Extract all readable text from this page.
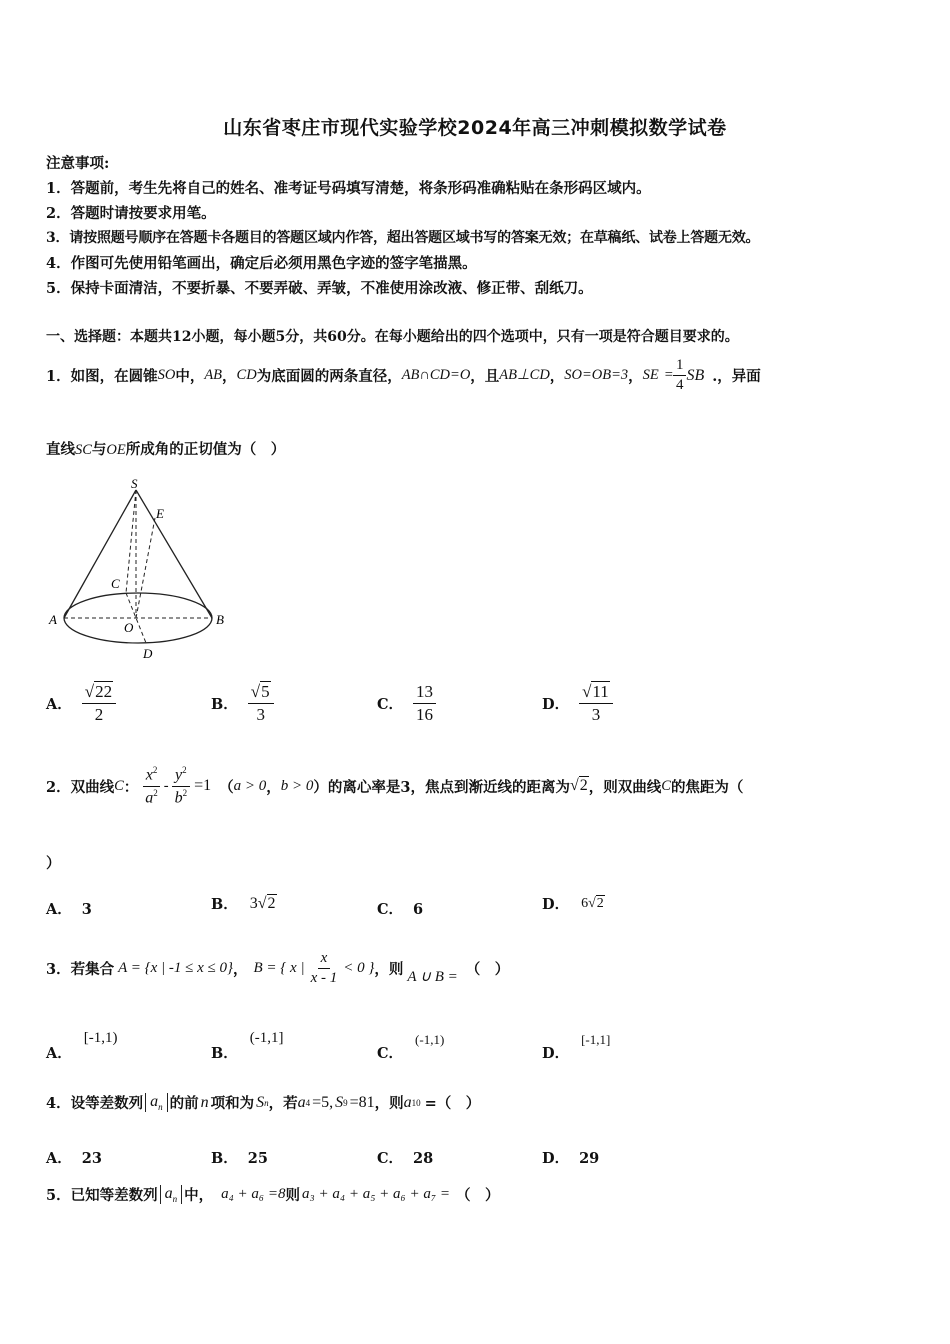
山东省枣庄市现代实验学校2024年高三冲刺模拟数学试卷
注意事项:
1．答题前，考生先将自己的姓名、准考证号码填写清楚，将条形码准确粘贴在条形码区域内。
2．答题时请按要求用笔。
3．请按照题号顺序在答题卡各题目的答题区域内作答，超出答题区域书写的答案无效；在草稿纸、试卷上答题无效。
4．作图可先使用铅笔画出，确定后必须用黑色字迹的签字笔描黑。
5．保持卡面清洁，不要折暴、不要弄破、弄皱，不准使用涂改液、修正带、刮纸刀。
一、选择题：本题共12小题，每小题5分，共60分。在每小题给出的四个选项中，只有一项是符合题目要求的。
1．如图，在圆锥 SO 中， AB ， CD 为底面圆的两条直径， AB∩CD=O ，且 AB⊥CD ， SO=OB=3 ， SE = $\frac{1}{4}$ SB .，异面
直线SC与OE所成角的正切值为（　）
S
E
C
A
O
B
D
A． $\frac{√22}{2}$	B． $\frac{√5}{3}$	C． $\frac{13}{16}$	D． $\frac{√11}{3}$
2．双曲线 C ： $\frac{x^2}{a^2} - \frac{y^2}{b^2} =1$ （ a > 0 ， b > 0 ）的离心率是3，焦点到渐近线的距离为 √2 ，则双曲线 C 的焦距为（
）
A． 3	B． 3 √2	C． 6	D． 6 √2
3．若集合 A = {x | -1 ≤ x ≤ 0} ， B = { x | $\frac{x}{x - 1} < 0$ } ，则 A ∪ B = （　）
A．
[-1,1)
B．
(-1,1]
C．
(-1,1)
D．
[-1,1]
4．设等差数列 $a_n$ 的前 n 项和为 S n ，若 a 4 =5, S 9 =81 ，则 a 10 =（　）
A． 23	B． 25	C． 28	D． 29
5．已知等差数列 $a_n$ 中， a₄ + a₆ =8 则 a₃ + a₄ + a₅ + a₆ + a₇ = （　）
